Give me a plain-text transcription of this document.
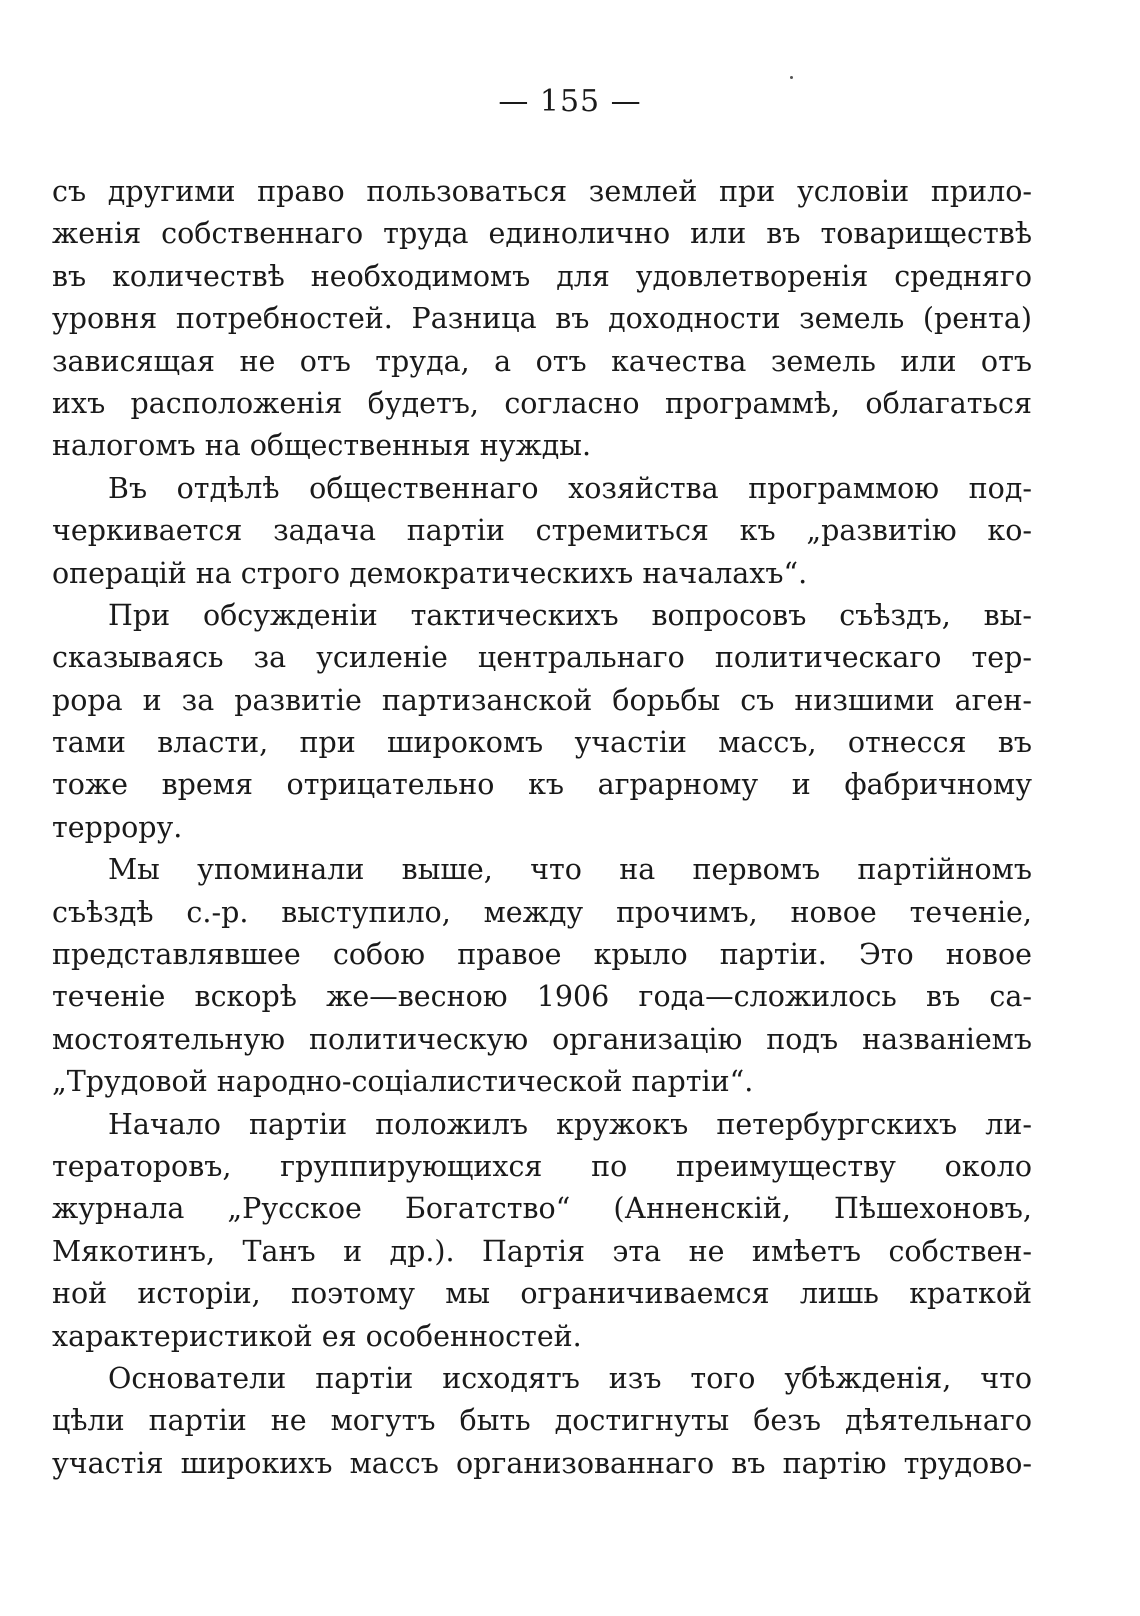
— 155 —
съ другими право пользоваться землей при условіи прило-
женія собственнаго труда единолично или въ товариществѣ
въ количествѣ необходимомъ для удовлетворенія средняго
уровня потребностей. Разница въ доходности земель (рента)
зависящая не отъ труда, а отъ качества земель или отъ
ихъ расположенія будетъ, согласно программѣ, облагаться
налогомъ на общественныя нужды.
Въ отдѣлѣ общественнаго хозяйства программою под-
черкивается задача партіи стремиться къ „развитію ко-
операцій на строго демократическихъ началахъ“.
При обсужденіи тактическихъ вопросовъ съѣздъ, вы-
сказываясь за усиленіе центральнаго политическаго тер-
рора и за развитіе партизанской борьбы съ низшими аген-
тами власти, при широкомъ участіи массъ, отнесся въ
тоже время отрицательно къ аграрному и фабричному
террору.
Мы упоминали выше, что на первомъ партійномъ
съѣздѣ с.-р. выступило, между прочимъ, новое теченіе,
представлявшее собою правое крыло партіи. Это новое
теченіе вскорѣ же—весною 1906 года—сложилось въ са-
мостоятельную политическую организацію подъ названіемъ
„Трудовой народно-соціалистической партіи“.
Начало партіи положилъ кружокъ петербургскихъ ли-
тераторовъ, группирующихся по преимуществу около
журнала „Русское Богатство“ (Анненскій, Пѣшехоновъ,
Мякотинъ, Танъ и др.). Партія эта не имѣетъ собствен-
ной исторіи, поэтому мы ограничиваемся лишь краткой
характеристикой ея особенностей.
Основатели партіи исходятъ изъ того убѣжденія, что
цѣли партіи не могутъ быть достигнуты безъ дѣятельнаго
участія широкихъ массъ организованнаго въ партію трудово-
